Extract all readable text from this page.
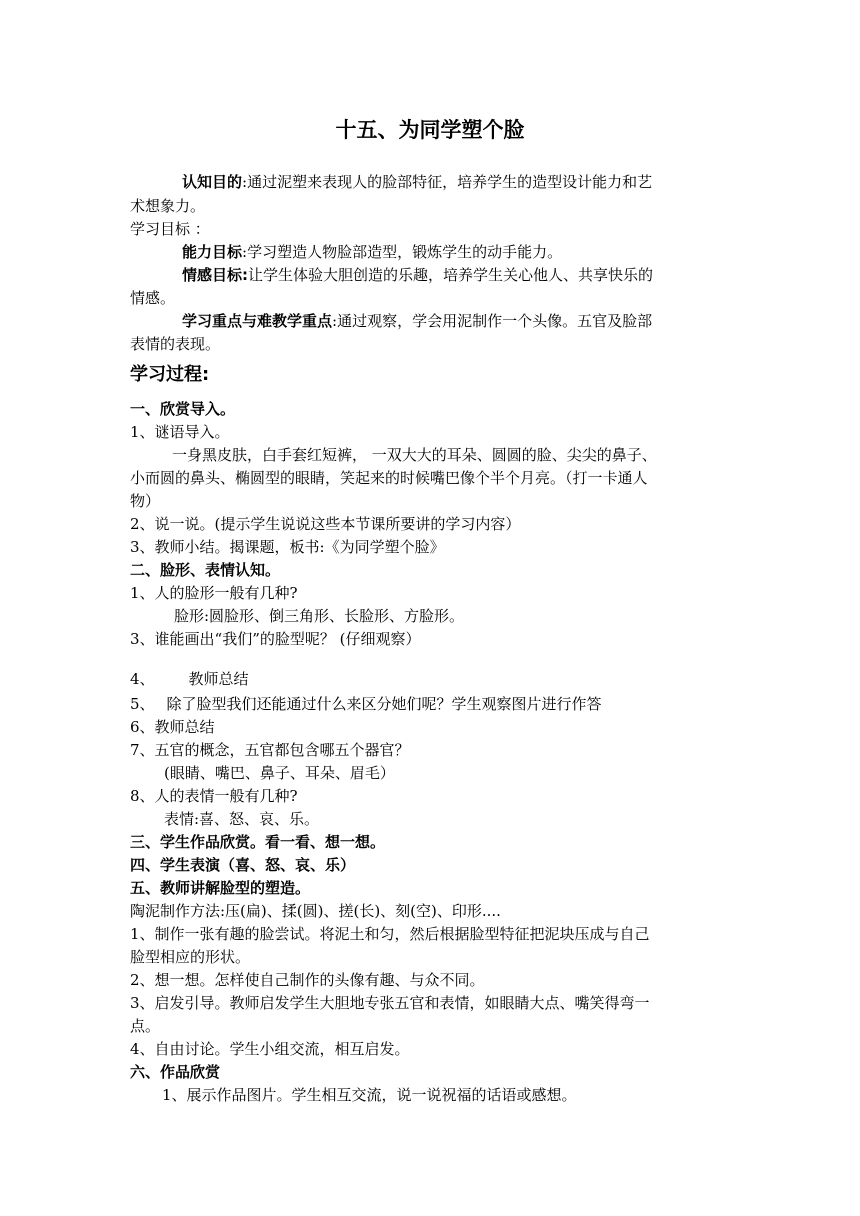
十五、为同学塑个脸
认知目的:通过泥塑来表现人的脸部特征，培养学生的造型设计能力和艺
术想象力。
学习目标 ：
能力目标:学习塑造人物脸部造型，锻炼学生的动手能力。
情感目标:让学生体验大胆创造的乐趣，培养学生关心他人、共享快乐的
情感。
学习重点与难教学重点:通过观察，学会用泥制作一个头像。五官及脸部
表情的表现。
学习过程:
一、欣赏导入。
1、谜语导入。
一身黑皮肤，白手套红短裤， 一双大大的耳朵、圆圆的脸、尖尖的鼻子、
小而圆的鼻头、椭圆型的眼睛，笑起来的时候嘴巴像个半个月亮。（打一卡通人
物）
2、说一说。(提示学生说说这些本节课所要讲的学习内容）
3、教师小结。揭课题，板书:《为同学塑个脸》
二、脸形、表情认知。
1、人的脸形一般有几种?
脸形:圆脸形、倒三角形、长脸形、方脸形。
3、谁能画出“我们”的脸型呢？ (仔细观察）
4、 教师总结
5、 除了脸型我们还能通过什么来区分她们呢？学生观察图片进行作答
6、教师总结
7、五官的概念，五官都包含哪五个器官？
(眼睛、嘴巴、鼻子、耳朵、眉毛）
8、人的表情一般有几种?
表情:喜、怒、哀、乐。
三、学生作品欣赏。看一看、想一想。
四、学生表演（喜、怒、哀、乐）
五、教师讲解脸型的塑造。
陶泥制作方法:压(扁)、揉(圆)、搓(长)、刻(空)、印形....
1、制作一张有趣的脸尝试。将泥土和匀，然后根据脸型特征把泥块压成与自己
脸型相应的形状。
2、想一想。怎样使自己制作的头像有趣、与众不同。
3、启发引导。教师启发学生大胆地专张五官和表情，如眼睛大点、嘴笑得弯一
点。
4、自由讨论。学生小组交流，相互启发。
六、作品欣赏
1、展示作品图片。学生相互交流，说一说祝福的话语或感想。
